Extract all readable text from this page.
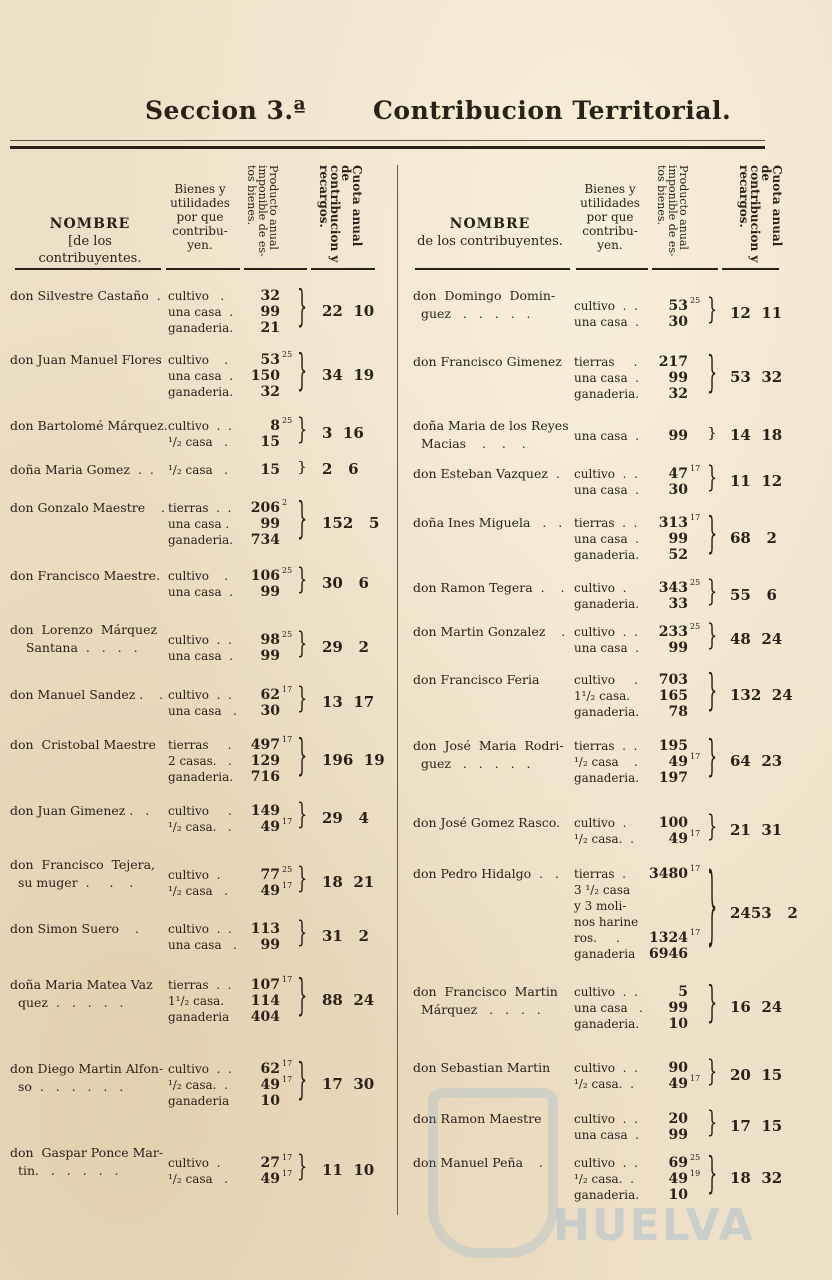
Seccion 3.ª	Contribucion Territorial.
NOMBRE
[de los contribuyentes.
Bienes y
utilidades
por que
contribu-
yen.	Producto anual
imponible de es-
tos bienes.	Cuota anual de
contribucion y
recargos.	NOMBRE
de los contribuyentes.
Bienes y
utilidades
por que
contribu-
yen.	Producto anual
imponible de es-
tos bienes.	Cuota anual de
contribucion y
recargos.
don Silvestre Castaño  . cultivo   .	32
una casa  .	99
ganaderia.	21 } 22  10
don Juan Manuel Flores cultivo    .	53 25
una casa  .	150
ganaderia.	32 } 34  19
don Bartolomé Márquez. cultivo  .  .	8 25
¹/₂ casa   .	15 } 3  16
doña Maria Gomez  .  . ¹/₂ casa   .	15 } 2   6
don Gonzalo Maestre    . tierras  .  .	206 2
una casa .	99
ganaderia.	734 } 152   5
don Francisco Maestre. cultivo    .	106 25
una casa  .	99 } 30   6
don  Lorenzo  Márquez
Santana  .   .   .   .	cultivo  .  .	98 25
una casa  .	99 } 29   2
don Manuel Sandez .    . cultivo  .  .	62 17
una casa   .	30 } 13  17
don  Cristobal Maestre tierras     .	497 17
2 casas.   .	129
ganaderia.	716 } 196  19
don Juan Gimenez .   . cultivo     .	149
¹/₂ casa.   .	49 17 } 29   4
don  Francisco  Tejera,
su muger  .     .    .	cultivo  .	77 25
¹/₂ casa   .	49 17 } 18  21
don Simon Suero    . cultivo  .  .	113
una casa   .	99 } 31   2
doña Maria Matea Vaz
quez  .   .   .   .   .
tierras  .  .	107 17
1¹/₂ casa.	114
ganaderia	404 } 88  24
don Diego Martin Alfon-
so  .   .   .   .   .   .
cultivo  .  .	62 17
¹/₂ casa.  .	49 17
ganaderia	10 } 17  30
don  Gaspar Ponce Mar-
tin.   .   .   .   .   .	cultivo  .	27 17
¹/₂ casa   .	49 17 } 11  10
don  Domingo  Domin-
guez   .   .   .   .   .	cultivo  .  .	53 25
una casa  .	30 } 12  11
don Francisco Gimenez tierras     .	217
una casa  .	99
ganaderia.	32 } 53  32
doña Maria de los Reyes
Macias    .    .    .	una casa  .	99 } 14  18
don Esteban Vazquez  . cultivo  .  .	47 17
una casa  .	30 } 11  12
doña Ines Miguela   .   . tierras  .  .	313 17
una casa  .	99
ganaderia.	52 } 68   2
don Ramon Tegera  .    . cultivo  .	343 25
ganaderia.	33 } 55   6
don Martin Gonzalez    . cultivo  .  .	233 25
una casa  .	99 } 48  24
don Francisco Feria	cultivo     .	703
1¹/₂ casa.	165
ganaderia.	78 } 132  24
don  José  Maria  Rodri-
guez   .   .   .   .   .
tierras  .  .	195
¹/₂ casa    .	49 17
ganaderia.	197 } 64  23
don José Gomez Rasco. cultivo  .	100
¹/₂ casa.  .	49 17 } 21  31
don Pedro Hidalgo  .   . tierras  .	3480 17
3 ¹/₂ casa
y 3 moli-
nos harine
ros.     .	1324 17
ganaderia 6946 } 2453   2
don  Francisco  Martin
Márquez   .   .   .   .
cultivo  .  .	5
una casa   .	99
ganaderia.	10 } 16  24
don Sebastian Martin cultivo  .  .	90
¹/₂ casa.  .	49 17 } 20  15
don Ramon Maestre	cultivo  .  .	20
una casa  .	99 } 17  15
don Manuel Peña    .	cultivo  .  .	69 25
¹/₂ casa.  .	49 19
ganaderia.	10 } 18  32
HUELVA
